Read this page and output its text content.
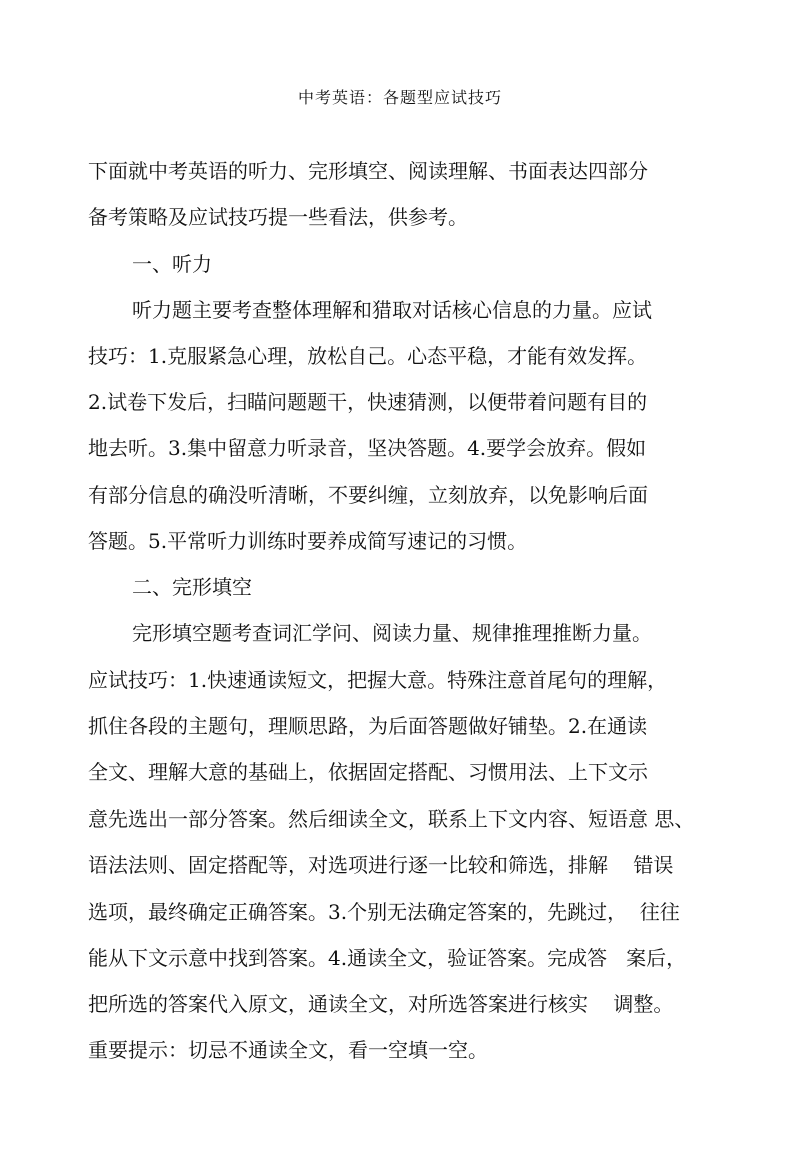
中考英语：各题型应试技巧
下面就中考英语的听力、完形填空、阅读理解、书面表达四部分
备考策略及应试技巧提一些看法，供参考。
一、听力
听力题主要考查整体理解和猎取对话核心信息的力量。应试
技巧：1.克服紧急心理，放松自己。心态平稳，才能有效发挥。
2.试卷下发后，扫瞄问题题干，快速猜测，以便带着问题有目的
地去听。3.集中留意力听录音，坚决答题。4.要学会放弃。假如
有部分信息的确没听清晰，不要纠缠，立刻放弃，以免影响后面
答题。5.平常听力训练时要养成简写速记的习惯。
二、完形填空
完形填空题考查词汇学问、阅读力量、规律推理推断力量。
应试技巧：1.快速通读短文，把握大意。特殊注意首尾句的理解，
抓住各段的主题句，理顺思路，为后面答题做好铺垫。2.在通读
全文、理解大意的基础上，依据固定搭配、习惯用法、上下文示
意先选出一部分答案。然后细读全文，联系上下文内容、短语意 思、
语法法则、固定搭配等，对选项进行逐一比较和筛选，排解    错误
选项，最终确定正确答案。3.个别无法确定答案的，先跳过，  往往
能从下文示意中找到答案。4.通读全文，验证答案。完成答   案后，
把所选的答案代入原文，通读全文，对所选答案进行核实    调整。
重要提示：切忌不通读全文，看一空填一空。
